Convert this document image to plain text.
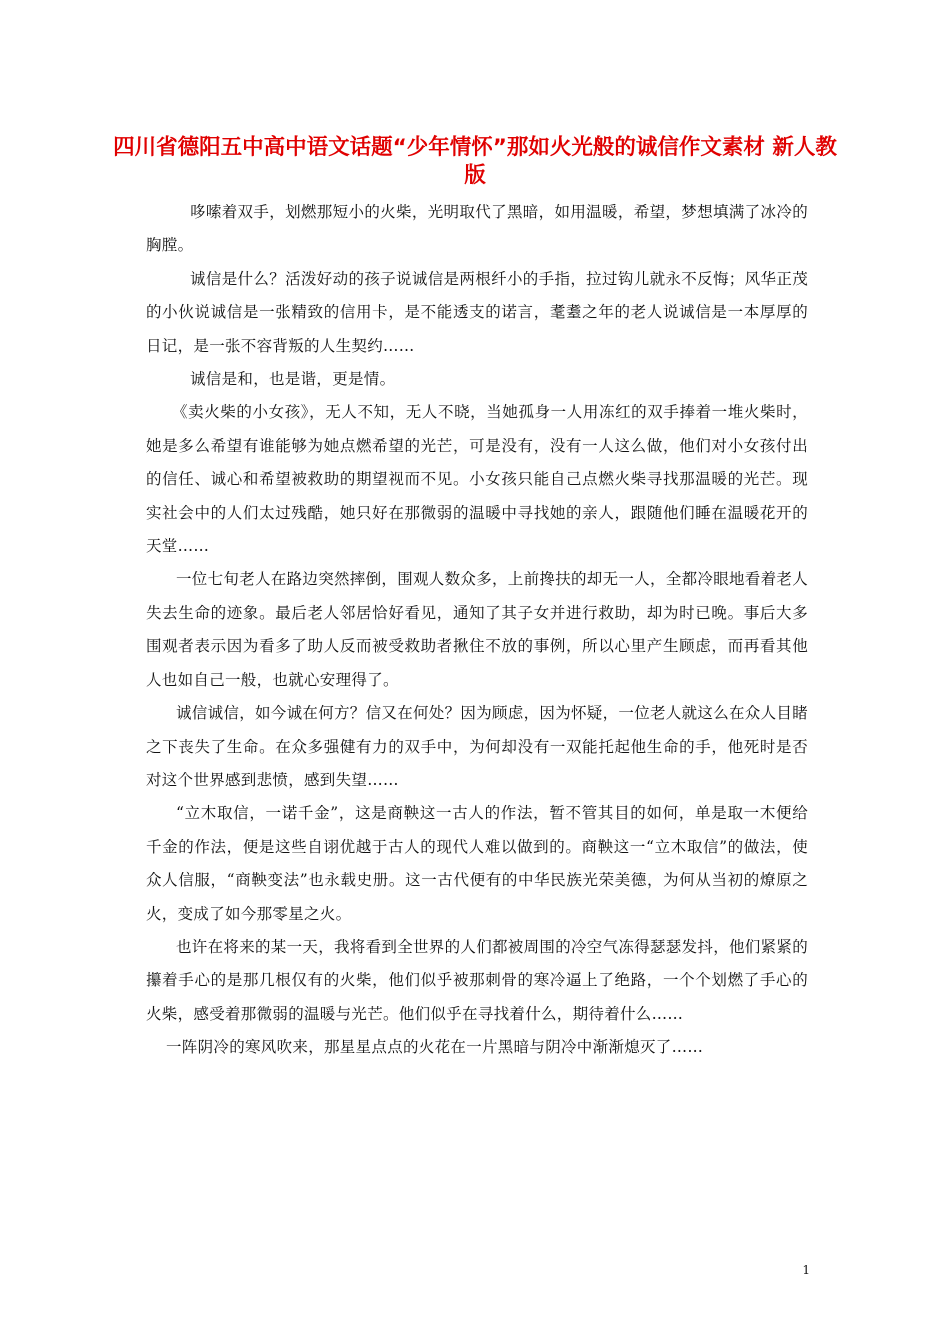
四川省德阳五中高中语文话题“少年情怀”那如火光般的诚信作文素材 新人教版

哆嗦着双手，划燃那短小的火柴，光明取代了黑暗，如用温暖，希望，梦想填满了冰冷的胸膛。

诚信是什么？活泼好动的孩子说诚信是两根纤小的手指，拉过钩儿就永不反悔；风华正茂的小伙说诚信是一张精致的信用卡，是不能透支的诺言，耄耋之年的老人说诚信是一本厚厚的日记，是一张不容背叛的人生契约……

诚信是和，也是谐，更是情。

《卖火柴的小女孩》，无人不知，无人不晓，当她孤身一人用冻红的双手捧着一堆火柴时，她是多么希望有谁能够为她点燃希望的光芒，可是没有，没有一人这么做，他们对小女孩付出的信任、诚心和希望被救助的期望视而不见。小女孩只能自己点燃火柴寻找那温暖的光芒。现实社会中的人们太过残酷，她只好在那微弱的温暖中寻找她的亲人，跟随他们睡在温暖花开的天堂……

一位七旬老人在路边突然摔倒，围观人数众多，上前搀扶的却无一人，全都冷眼地看着老人失去生命的迹象。最后老人邻居恰好看见，通知了其子女并进行救助，却为时已晚。事后大多围观者表示因为看多了助人反而被受救助者揪住不放的事例，所以心里产生顾虑，而再看其他人也如自己一般，也就心安理得了。

诚信诚信，如今诚在何方？信又在何处？因为顾虑，因为怀疑，一位老人就这么在众人目睹之下丧失了生命。在众多强健有力的双手中，为何却没有一双能托起他生命的手，他死时是否对这个世界感到悲愤，感到失望……

“立木取信，一诺千金”，这是商鞅这一古人的作法，暂不管其目的如何，单是取一木便给千金的作法，便是这些自诩优越于古人的现代人难以做到的。商鞅这一“立木取信”的做法，使众人信服，“商鞅变法”也永载史册。这一古代便有的中华民族光荣美德，为何从当初的燎原之火，变成了如今那零星之火。

也许在将来的某一天，我将看到全世界的人们都被周围的冷空气冻得瑟瑟发抖，他们紧紧的攥着手心的是那几根仅有的火柴，他们似乎被那刺骨的寒冷逼上了绝路，一个个划燃了手心的火柴，感受着那微弱的温暖与光芒。他们似乎在寻找着什么，期待着什么……

一阵阴冷的寒风吹来，那星星点点的火花在一片黑暗与阴冷中渐渐熄灭了……

1
